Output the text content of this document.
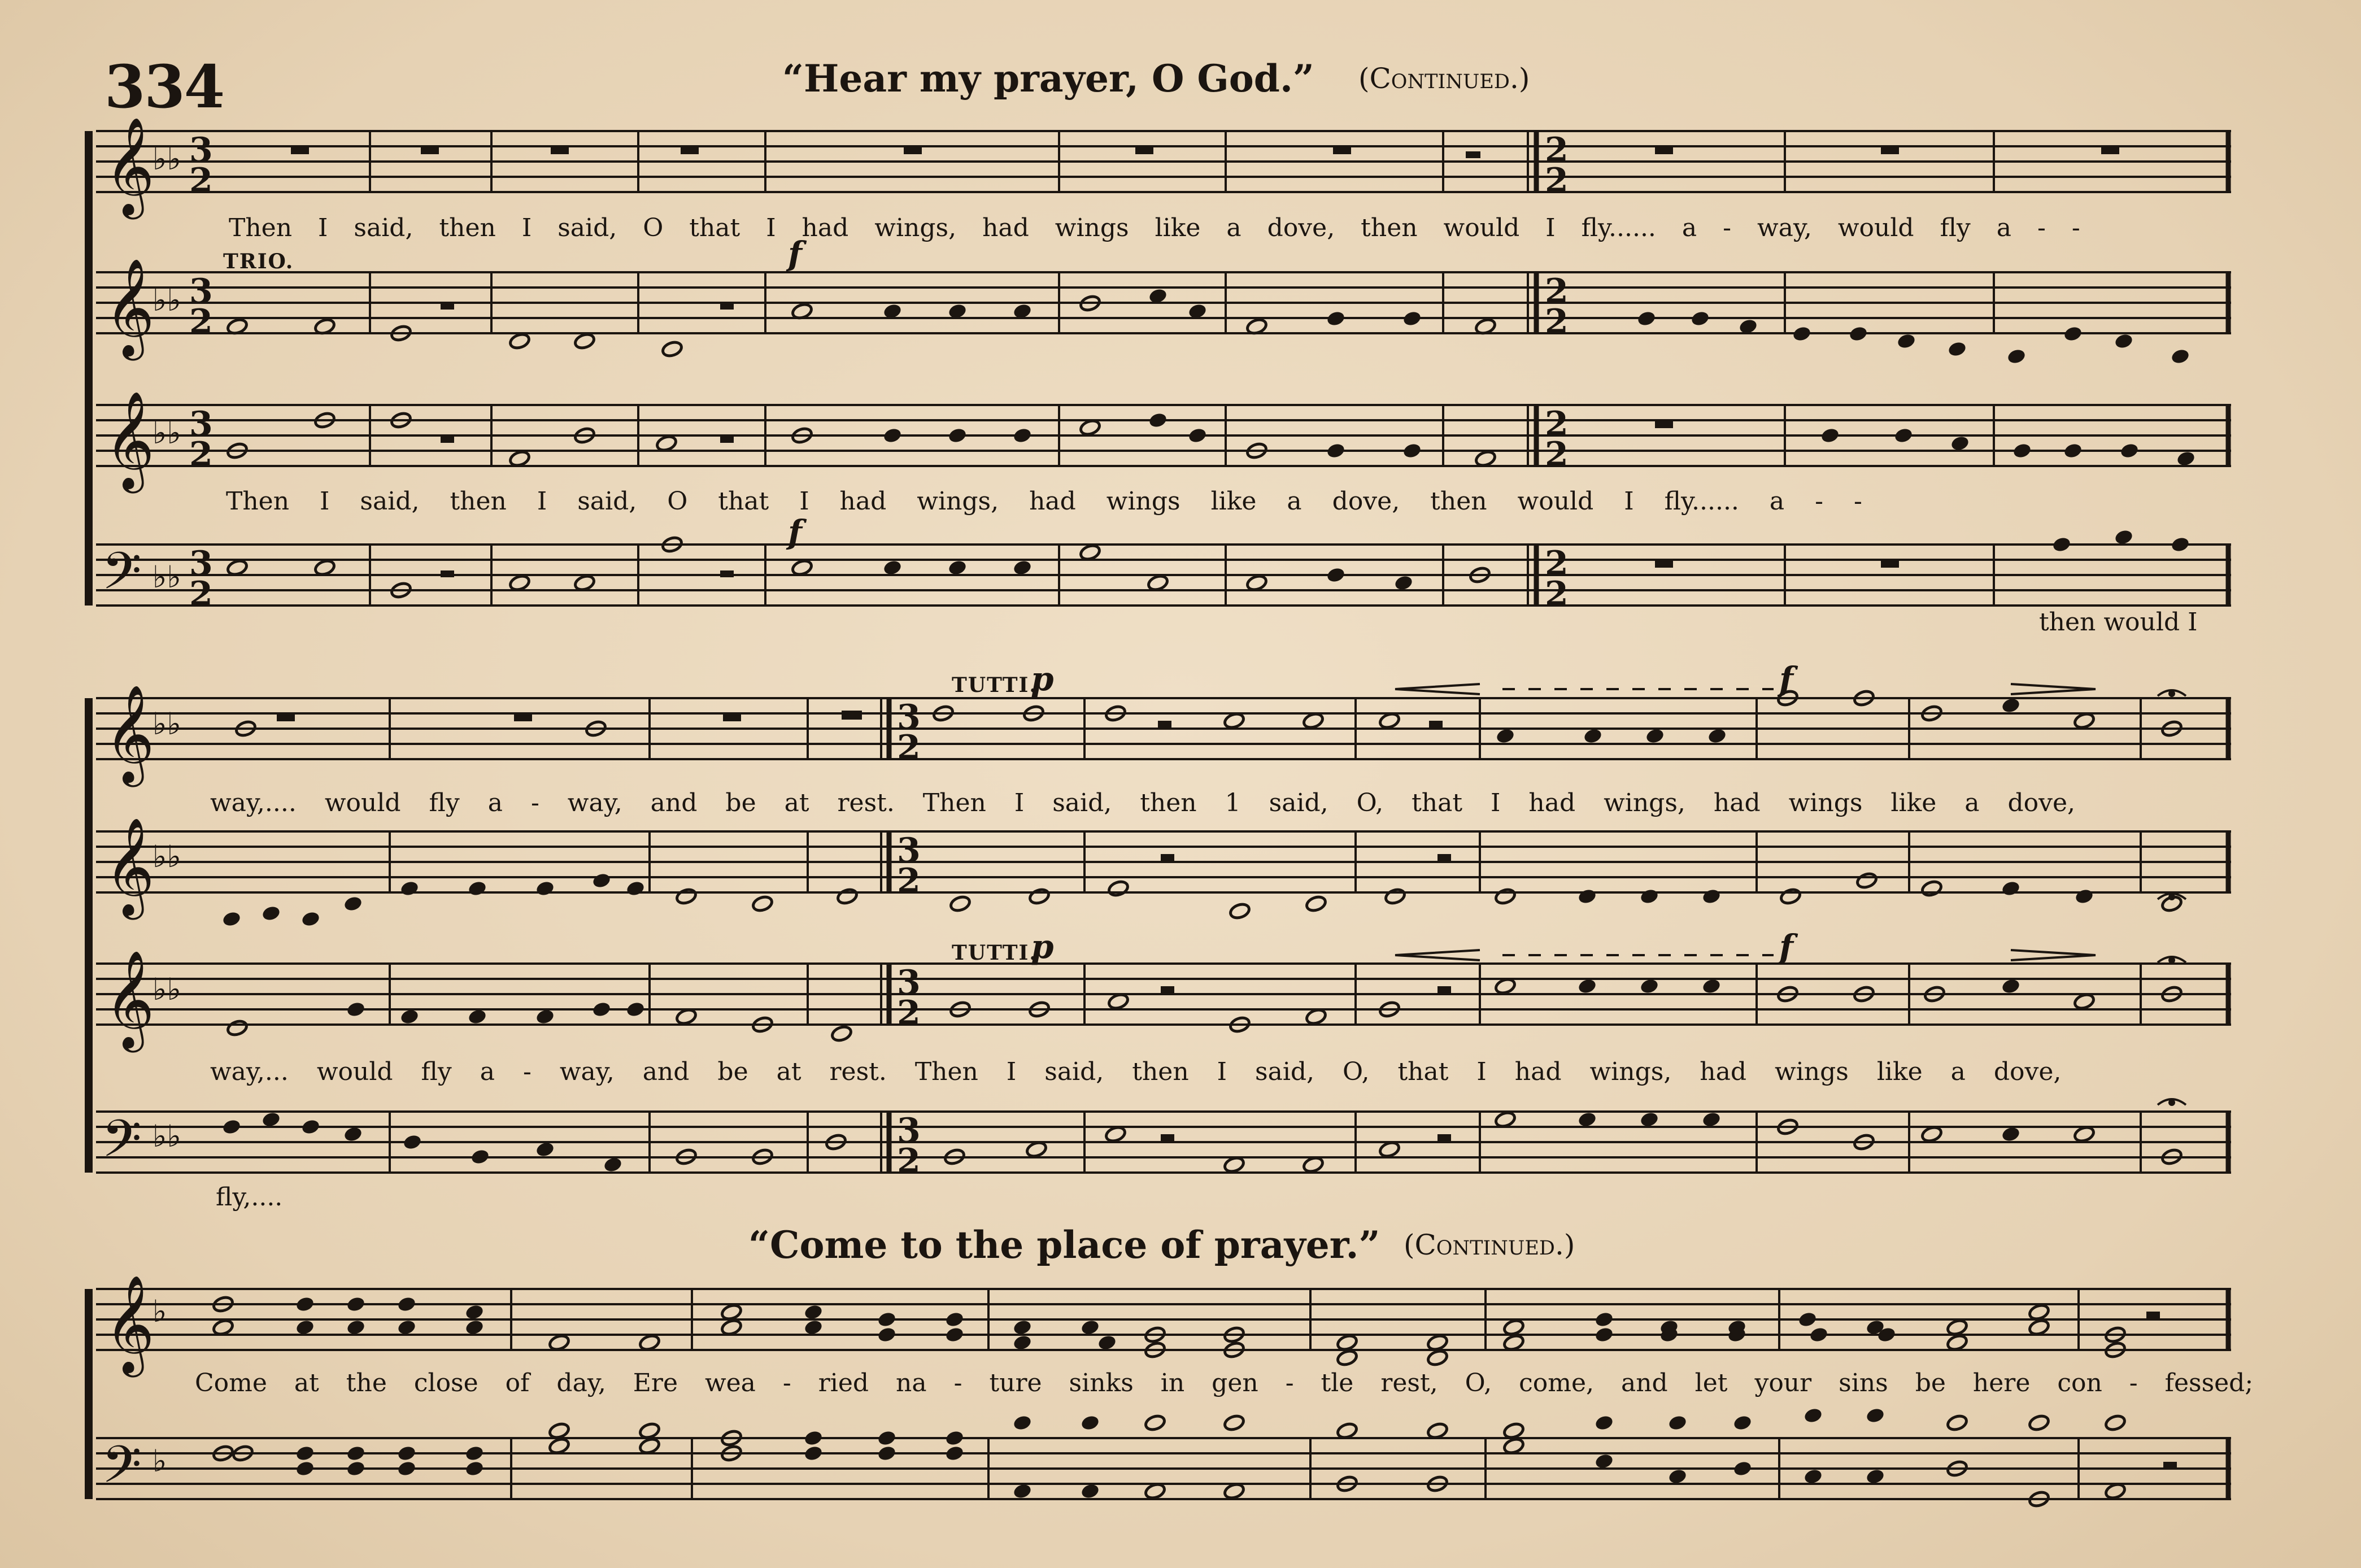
334	“Hear my prayer, O God.” (Continued.)
“Come to the place of prayer.” (Continued.)
𝄞
𝄞
𝄞
𝄢
𝄞
𝄞
𝄞
𝄢
𝄞
𝄢
♭♭ 3
2
♭♭ 3
2
♭♭ 3
2
♭♭ 3
2
2
2
2
2
2
2
2
2
♭♭
♭♭
♭♭
♭♭
3
2
3
2
3
2
3
2
♭
♭
TRIO.	f
f
TUTTI.
p	f
TUTTI.
p	f
Then I said, then I said, O that I had wings, had wings like a dove, then would I fly...... a - way, would fly a - -
Then I said, then I said, O that I had wings, had wings like a dove, then would I fly...... a - -
then would I
way,.... would fly a - way, and be at rest. Then I said, then 1 said, O, that I had wings, had wings like a dove,
way,... would fly a - way, and be at rest. Then I said, then I said, O, that I had wings, had wings like a dove,
fly,....
Come at the close of day, Ere wea - ried na - ture sinks in gen - tle rest, O, come, and let your sins be here con - fessed;
